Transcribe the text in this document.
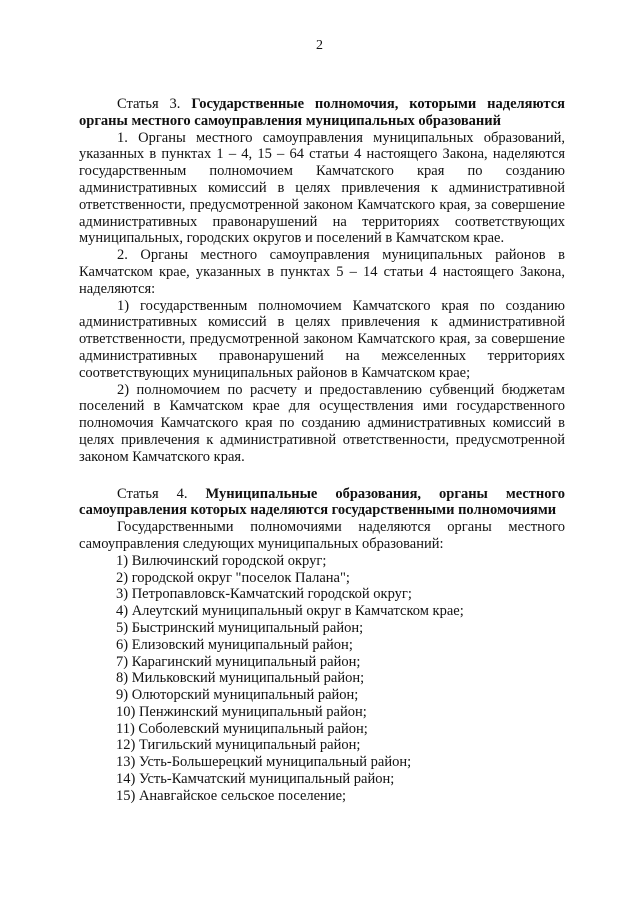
2

Статья 3. Государственные полномочия, которыми наделяются органы местного самоуправления муниципальных образований

1. Органы местного самоуправления муниципальных образований, указанных в пунктах 1 – 4, 15 – 64 статьи 4 настоящего Закона, наделяются государственным полномочием Камчатского края по созданию административных комиссий в целях привлечения к административной ответственности, предусмотренной законом Камчатского края, за совершение административных правонарушений на территориях соответствующих муниципальных, городских округов и поселений в Камчатском крае.

2. Органы местного самоуправления муниципальных районов в Камчатском крае, указанных в пунктах 5 – 14 статьи 4 настоящего Закона, наделяются:

1) государственным полномочием Камчатского края по созданию административных комиссий в целях привлечения к административной ответственности, предусмотренной законом Камчатского края, за совершение административных правонарушений на межселенных территориях соответствующих муниципальных районов в Камчатском крае;

2) полномочием по расчету и предоставлению субвенций бюджетам поселений в Камчатском крае для осуществления ими государственного полномочия Камчатского края по созданию административных комиссий в целях привлечения к административной ответственности, предусмотренной законом Камчатского края.

Статья 4. Муниципальные образования, органы местного самоуправления которых наделяются государственными полномочиями

Государственными полномочиями наделяются органы местного самоуправления следующих муниципальных образований:

1) Вилючинский городской округ;

2) городской округ "поселок Палана";

3) Петропавловск-Камчатский городской округ;

4) Алеутский муниципальный округ в Камчатском крае;

5) Быстринский муниципальный район;

6) Елизовский муниципальный район;

7) Карагинский муниципальный район;

8) Мильковский муниципальный район;

9) Олюторский муниципальный район;

10) Пенжинский муниципальный район;

11) Соболевский муниципальный район;

12) Тигильский муниципальный район;

13) Усть-Большерецкий муниципальный район;

14) Усть-Камчатский муниципальный район;

15) Анавгайское сельское поселение;
